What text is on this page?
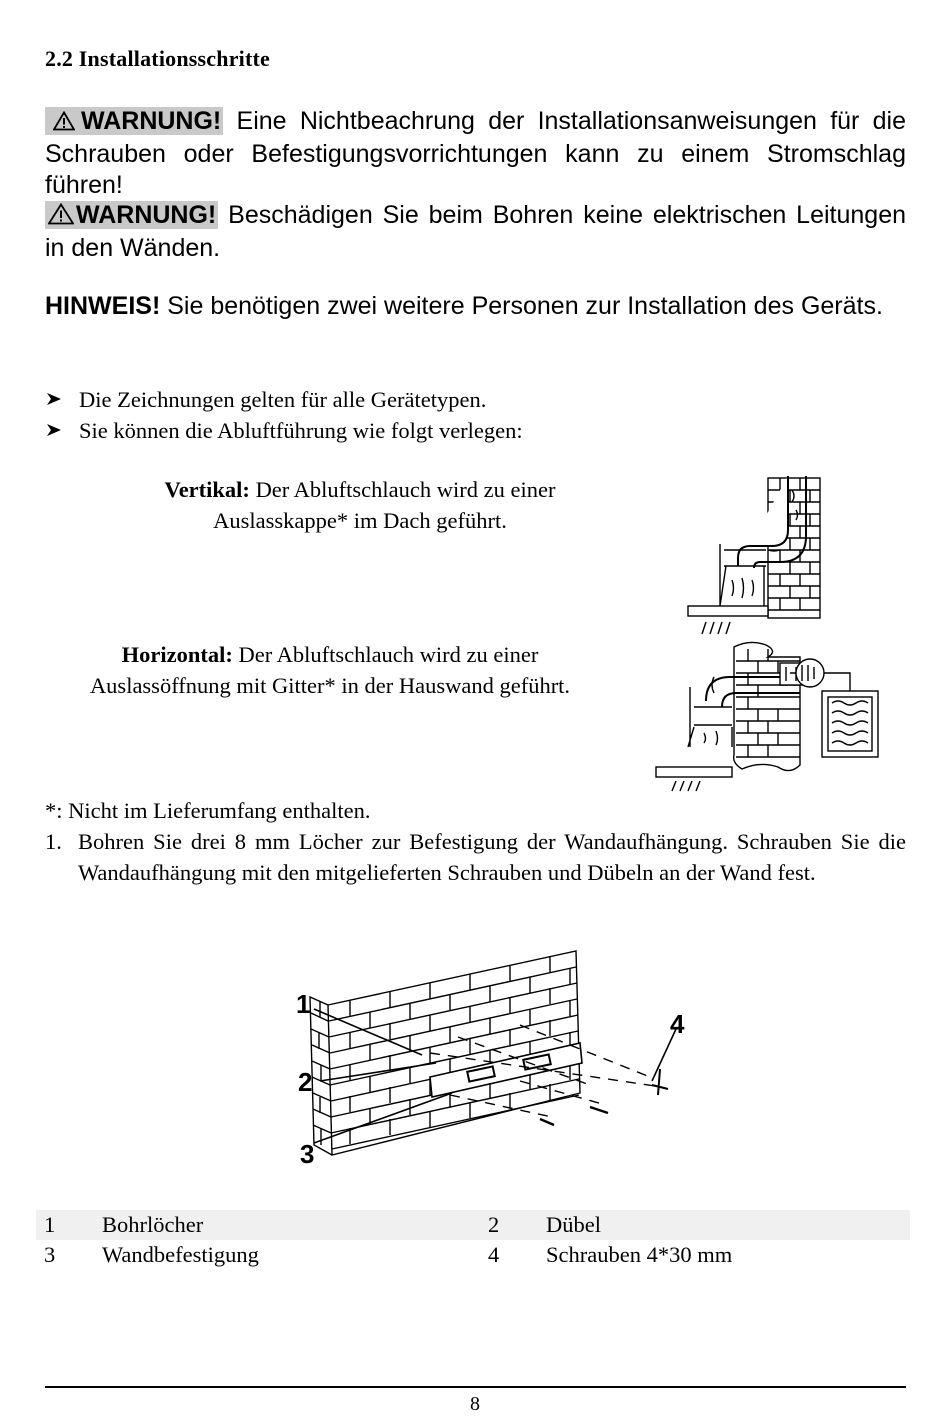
2.2 Installationsschritte
WARNUNG! Eine Nichtbeachrung der Installationsanweisungen für die Schrauben oder Befestigungsvorrichtungen kann zu einem Stromschlag führen!
WARNUNG! Beschädigen Sie beim Bohren keine elektrischen Leitungen in den Wänden.
HINWEIS! Sie benötigen zwei weitere Personen zur Installation des Geräts.
Die Zeichnungen gelten für alle Gerätetypen.
Sie können die Abluftführung wie folgt verlegen:
Vertikal: Der Abluftschlauch wird zu einer
Auslasskappe* im Dach geführt.
Horizontal: Der Abluftschlauch wird zu einer
Auslassöffnung mit Gitter* in der Hauswand geführt.
*: Nicht im Lieferumfang enthalten.
1. Bohren Sie drei 8 mm Löcher zur Befestigung der Wandaufhängung. Schrauben Sie die Wandaufhängung mit den mitgelieferten Schrauben und Dübeln an der Wand fest.
1
2
3
4
1	Bohrlöcher	2	Dübel
3	Wandbefestigung	4	Schrauben 4*30 mm
8
